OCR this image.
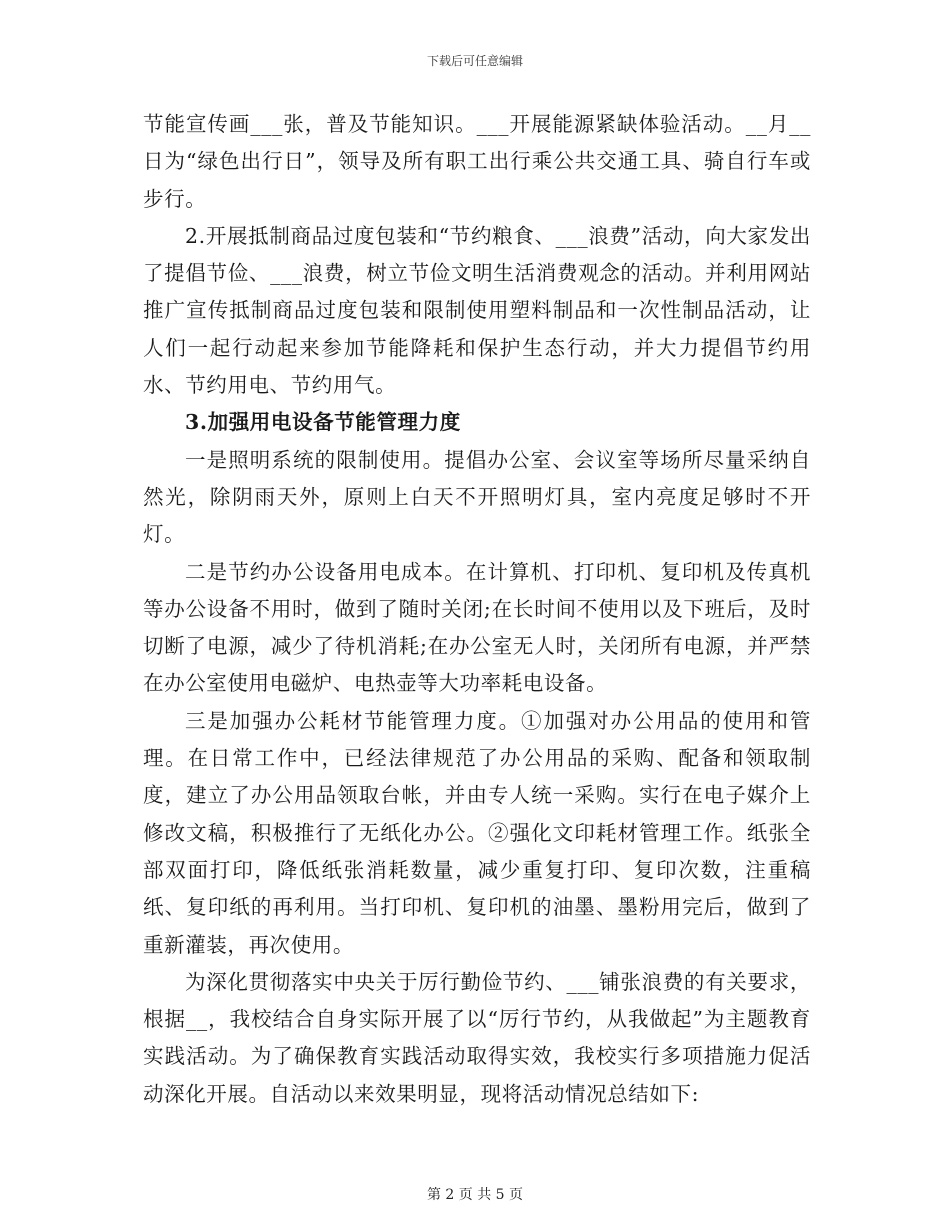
下载后可任意编辑

节能宣传画___张，普及节能知识。___开展能源紧缺体验活动。__月__日为“绿色出行日”，领导及所有职工出行乘公共交通工具、骑自行车或步行。

2.开展抵制商品过度包装和“节约粮食、___浪费”活动，向大家发出了提倡节俭、___浪费，树立节俭文明生活消费观念的活动。并利用网站推广宣传抵制商品过度包装和限制使用塑料制品和一次性制品活动，让人们一起行动起来参加节能降耗和保护生态行动，并大力提倡节约用水、节约用电、节约用气。

3.加强用电设备节能管理力度

一是照明系统的限制使用。提倡办公室、会议室等场所尽量采纳自然光，除阴雨天外，原则上白天不开照明灯具，室内亮度足够时不开灯。

二是节约办公设备用电成本。在计算机、打印机、复印机及传真机等办公设备不用时，做到了随时关闭;在长时间不使用以及下班后，及时切断了电源，减少了待机消耗;在办公室无人时，关闭所有电源，并严禁在办公室使用电磁炉、电热壶等大功率耗电设备。

三是加强办公耗材节能管理力度。①加强对办公用品的使用和管理。在日常工作中，已经法律规范了办公用品的采购、配备和领取制度，建立了办公用品领取台帐，并由专人统一采购。实行在电子媒介上修改文稿，积极推行了无纸化办公。②强化文印耗材管理工作。纸张全部双面打印，降低纸张消耗数量，减少重复打印、复印次数，注重稿纸、复印纸的再利用。当打印机、复印机的油墨、墨粉用完后，做到了重新灌装，再次使用。

为深化贯彻落实中央关于厉行勤俭节约、___铺张浪费的有关要求，根据__，我校结合自身实际开展了以“厉行节约，从我做起”为主题教育实践活动。为了确保教育实践活动取得实效，我校实行多项措施力促活动深化开展。自活动以来效果明显，现将活动情况总结如下:

第 2 页 共 5 页
